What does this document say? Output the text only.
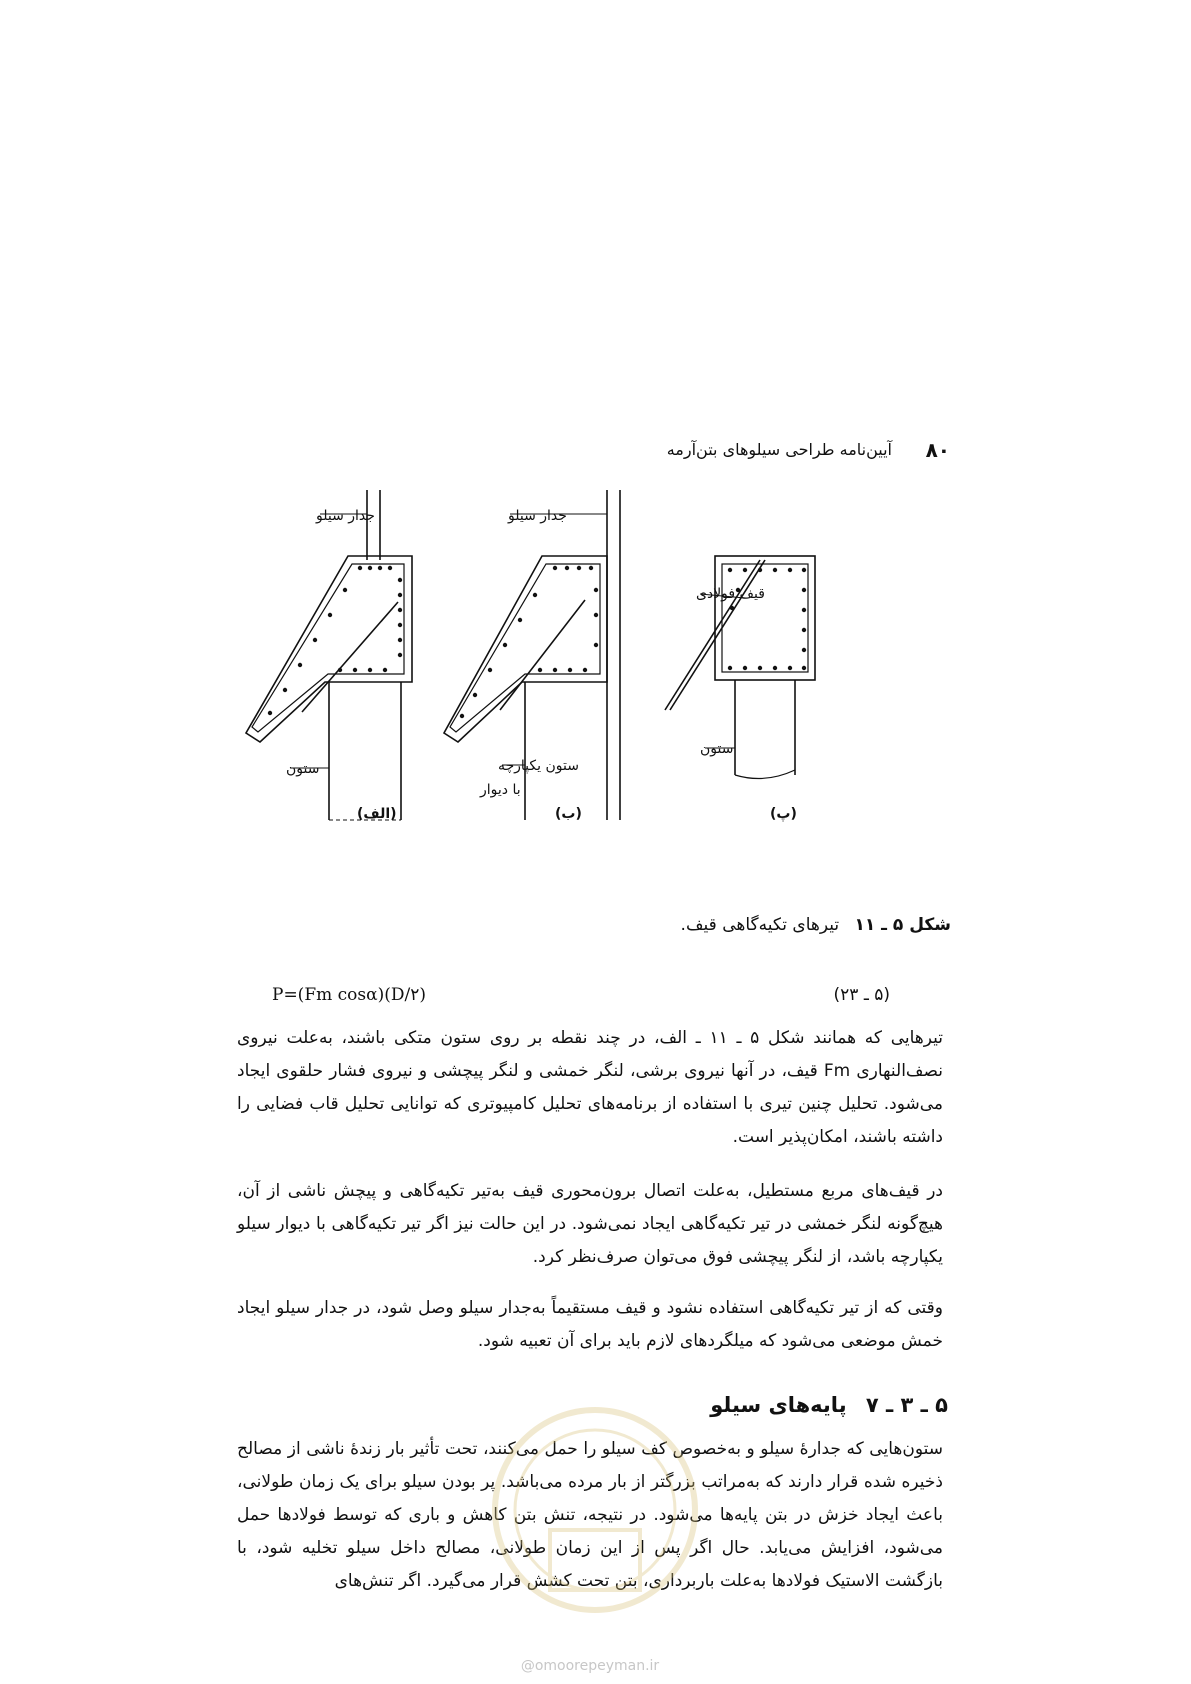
۸۰
آیین‌نامه طراحی سیلوهای بتن‌آرمه
جدار سیلو
ستون
(الف)
جدار سیلو
ستون یکپارچه
با دیوار
(ب)
قیف فولادی
ستون
(پ)
شکل ۵ ـ ۱۱ تیرهای تکیه‌گاهی قیف.
P=(Fm cosα)(D/۲)	(۵ ـ ۲۳)
تیرهایی که همانند شکل ۵ ـ ۱۱ ـ الف، در چند نقطه بر روی ستون متکی باشند، به‌علت نیروی نصف‌النهاری Fm قیف، در آنها نیروی برشی، لنگر خمشی و لنگر پیچشی و نیروی فشار حلقوی ایجاد می‌شود. تحلیل چنین تیری با استفاده از برنامه‌های تحلیل کامپیوتری که توانایی تحلیل قاب فضایی را داشته باشند، امکان‌پذیر است.
در قیف‌های مربع مستطیل، به‌علت اتصال برون‌محوری قیف به‌تیر تکیه‌گاهی و پیچش ناشی از آن، هیچ‌گونه لنگر خمشی در تیر تکیه‌گاهی ایجاد نمی‌شود. در این حالت نیز اگر تیر تکیه‌گاهی با دیوار سیلو یکپارچه باشد، از لنگر پیچشی فوق می‌توان صرف‌نظر کرد.
وقتی که از تیر تکیه‌گاهی استفاده نشود و قیف مستقیماً به‌جدار سیلو وصل شود، در جدار سیلو ایجاد خمش موضعی می‌شود که میلگردهای لازم باید برای آن تعبیه شود.
۵ ـ ۳ ـ ۷ پایه‌های سیلو
ستون‌هایی که جدارهٔ سیلو و به‌خصوص کف سیلو را حمل می‌کنند، تحت تأثیر بار زندهٔ ناشی از مصالح ذخیره شده قرار دارند که به‌مراتب بزرگتر از بار مرده می‌باشد. پر بودن سیلو برای یک زمان طولانی، باعث ایجاد خزش در بتن پایه‌ها می‌شود. در نتیجه، تنش بتن کاهش و باری که توسط فولادها حمل می‌شود، افزایش می‌یابد. حال اگر پس از این زمان طولانی، مصالح داخل سیلو تخلیه شود، با بازگشت الاستیک فولادها به‌علت باربرداری، بتن تحت کشش قرار می‌گیرد. اگر تنش‌های
@omoorepeyman.ir
